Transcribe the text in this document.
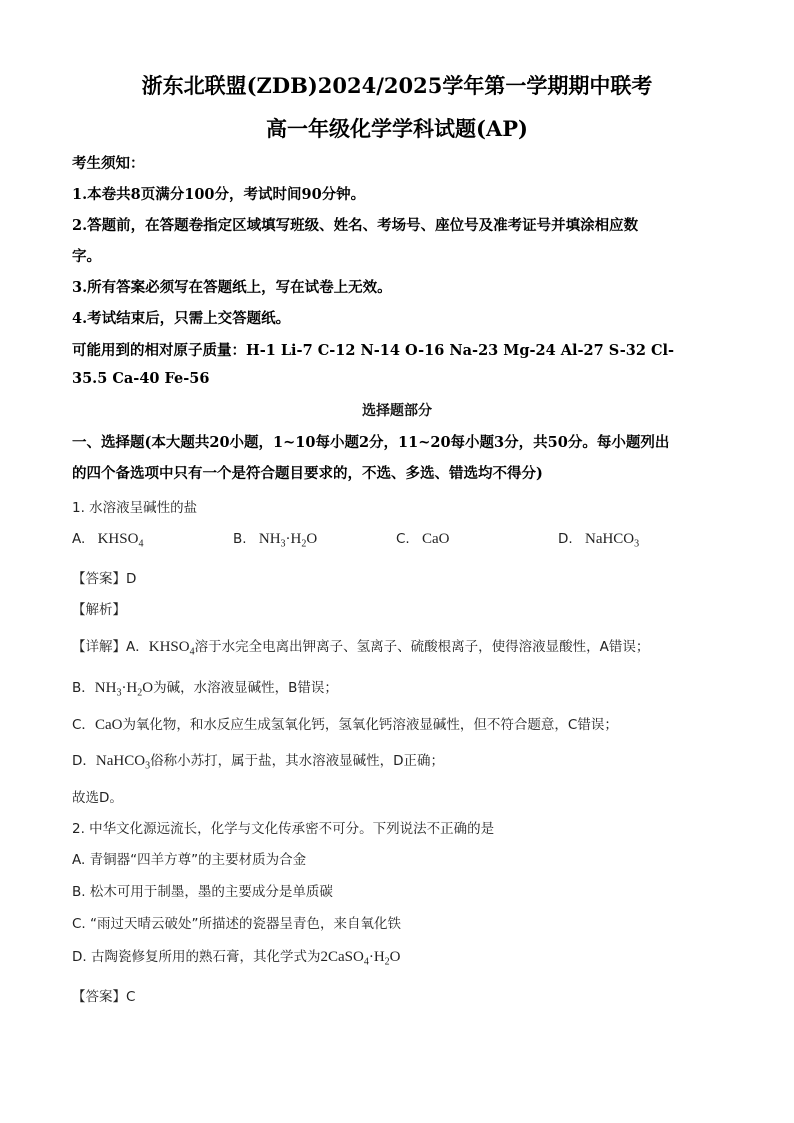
浙东北联盟(ZDB)2024/2025学年第一学期期中联考
高一年级化学学科试题(AP)
考生须知：
1.本卷共8页满分100分，考试时间90分钟。
2.答题前，在答题卷指定区域填写班级、姓名、考场号、座位号及准考证号并填涂相应数
字。
3.所有答案必须写在答题纸上，写在试卷上无效。
4.考试结束后，只需上交答题纸。
可能用到的相对原子质量：H-1 Li-7 C-12 N-14 O-16 Na-23 Mg-24 Al-27 S-32 Cl-
35.5 Ca-40 Fe-56
选择题部分
一、选择题(本大题共20小题，1~10每小题2分，11~20每小题3分，共50分。每小题列出
的四个备选项中只有一个是符合题目要求的，不选、多选、错选均不得分)
1. 水溶液呈碱性的盐
A. $KHSO_4$	B. $NH_3\cdot H_2O$	C. CaO	D. NaHCO$_3$
【答案】D
【解析】
【详解】A．$KHSO_4$溶于水完全电离出钾离子、氢离子、硫酸根离子，使得溶液显酸性，A错误；
B．$NH_3\cdot H_2O$为碱，水溶液显碱性，B错误；
C．CaO为氧化物，和水反应生成氢氧化钙，氢氧化钙溶液显碱性，但不符合题意，C错误；
D．NaHCO$_3$俗称小苏打，属于盐，其水溶液显碱性，D正确；
故选D。
2. 中华文化源远流长，化学与文化传承密不可分。下列说法不正确的是
A. 青铜器“四羊方尊”的主要材质为合金
B. 松木可用于制墨，墨的主要成分是单质碳
C. “雨过天晴云破处”所描述的瓷器呈青色，来自氧化铁
D. 古陶瓷修复所用的熟石膏，其化学式为$2CaSO_4\cdot H_2O$
【答案】C
